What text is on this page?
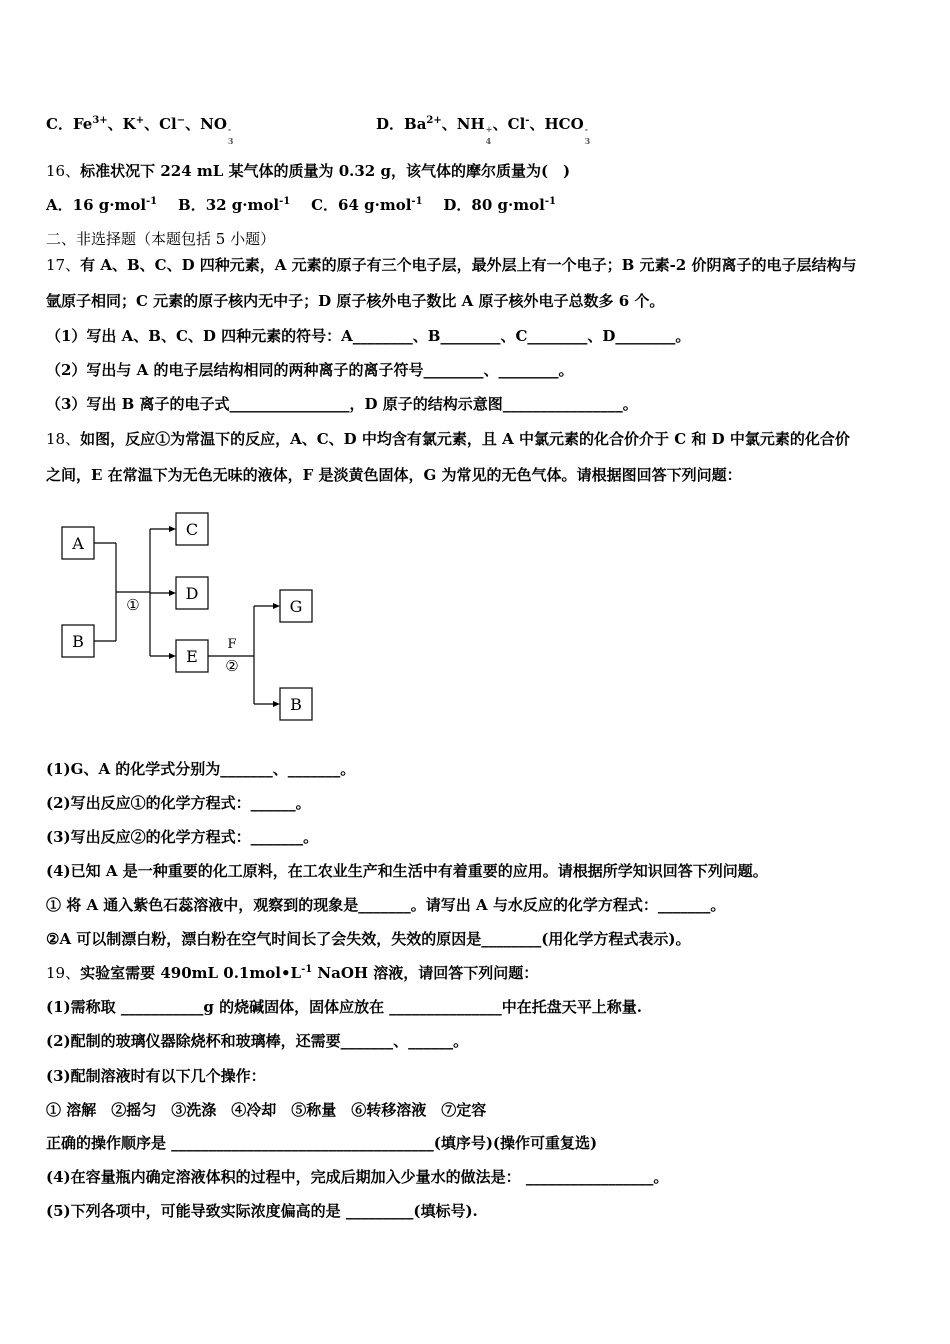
C．$Fe^{3+}$、K+、Cl−、NO -
3
D．$Ba^{2+}$、NH +
4
、Cl-、HCO -
3
16、标准状况下 224 mL 某气体的质量为 0.32 g，该气体的摩尔质量为(　)
A．16 g·mol$^{-1}$ B．32 g·mol$^{-1}$ C．64 g·mol$^{-1}$ D．80 g·mol$^{-1}$
二、非选择题（本题包括 5 小题）
17、有 A、B、C、D 四种元素，A 元素的原子有三个电子层，最外层上有一个电子；B 元素-2 价阴离子的电子层结构与
氩原子相同；C 元素的原子核内无中子；D 原子核外电子数比 A 原子核外电子总数多 6 个。
（1）写出 A、B、C、D 四种元素的符号：A________、B________、C________、D________。
（2）写出与 A 的电子层结构相同的两种离子的离子符号________、________。
（3）写出 B 离子的电子式________________，D 原子的结构示意图________________。
18、如图，反应①为常温下的反应，A、C、D 中均含有氯元素，且 A 中氯元素的化合价介于 C 和 D 中氯元素的化合价
之间，E 在常温下为无色无味的液体，F 是淡黄色固体，G 为常见的无色气体。请根据图回答下列问题：
A
B
C
D
E
G
B
①
F
②
(1)G、A 的化学式分别为_______、_______。
(2)写出反应①的化学方程式：______。
(3)写出反应②的化学方程式：_______。
(4)已知 A 是一种重要的化工原料，在工农业生产和生活中有着重要的应用。请根据所学知识回答下列问题。
① 将 A 通入紫色石蕊溶液中，观察到的现象是_______。请写出 A 与水反应的化学方程式：_______。
②A 可以制漂白粉，漂白粉在空气时间长了会失效，失效的原因是________(用化学方程式表示)。
19、实验室需要 490mL $0.1mol•L^{-1}$ NaOH 溶液，请回答下列问题：
(1)需称取 ___________g 的烧碱固体，固体应放在 _______________中在托盘天平上称量.
(2)配制的玻璃仪器除烧杯和玻璃棒，还需要_______、______。
(3)配制溶液时有以下几个操作：
① 溶解　②摇匀　③洗涤　④冷却　⑤称量　⑥转移溶液　⑦定容
正确的操作顺序是 ___________________________________(填序号)(操作可重复选)
(4)在容量瓶内确定溶液体积的过程中，完成后期加入少量水的做法是： _________________。
(5)下列各项中，可能导致实际浓度偏高的是 _________(填标号).
